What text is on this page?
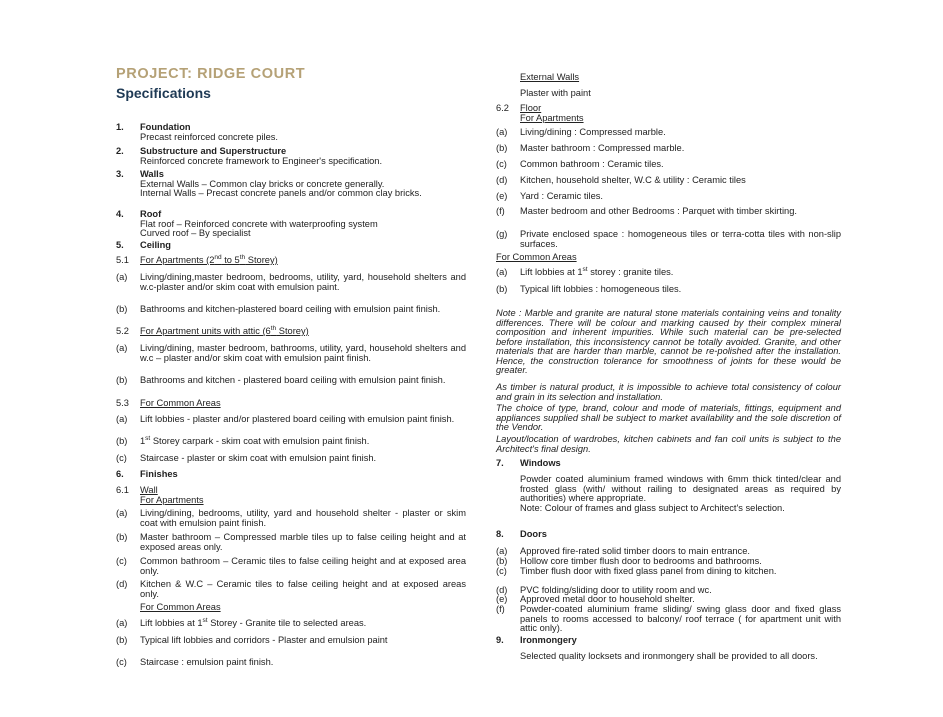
PROJECT: RIDGE COURT
Specifications
1. Foundation
Precast reinforced concrete piles.
2. Substructure and Superstructure
Reinforced concrete framework to Engineer's specification.
3. Walls
External Walls – Common clay bricks or concrete generally.
Internal Walls – Precast concrete panels and/or common clay bricks.
4. Roof
Flat roof – Reinforced concrete with waterproofing system
Curved roof – By specialist
5. Ceiling
5.1 For Apartments (2nd to 5th Storey)
(a) Living/dining,master bedroom, bedrooms, utility, yard, household shelters and w.c-plaster and/or skim coat with emulsion paint.
(b) Bathrooms and kitchen-plastered board ceiling with emulsion paint finish.
5.2 For Apartment units with attic (6th Storey)
(a) Living/dining, master bedroom, bathrooms, utility, yard, household shelters and w.c – plaster and/or skim coat with emulsion paint finish.
(b) Bathrooms and kitchen - plastered board ceiling with emulsion paint finish.
5.3 For Common Areas
(a) Lift lobbies - plaster and/or plastered board ceiling with emulsion paint finish.
(b) 1st Storey carpark - skim coat with emulsion paint finish.
(c) Staircase - plaster or skim coat with emulsion paint finish.
6. Finishes
6.1 Wall
For Apartments
(a) Living/dining, bedrooms, utility, yard and household shelter - plaster or skim coat with emulsion paint finish.
(b) Master bathroom – Compressed marble tiles up to false ceiling height and at exposed areas only.
(c) Common bathroom – Ceramic tiles to false ceiling height and at exposed area only.
(d) Kitchen & W.C – Ceramic tiles to false ceiling height and at exposed areas only.
For Common Areas
(a) Lift lobbies at 1st Storey - Granite tile to selected areas.
(b) Typical lift lobbies and corridors - Plaster and emulsion paint
(c) Staircase : emulsion paint finish.
External Walls
Plaster with paint
6.2 Floor
For Apartments
(a) Living/dining : Compressed marble.
(b) Master bathroom : Compressed marble.
(c) Common bathroom : Ceramic tiles.
(d) Kitchen, household shelter, W.C & utility : Ceramic tiles
(e) Yard : Ceramic tiles.
(f) Master bedroom and other Bedrooms : Parquet with timber skirting.
(g) Private enclosed space : homogeneous tiles or terra-cotta tiles with non-slip surfaces.
For Common Areas
(a) Lift lobbies at 1st storey : granite tiles.
(b) Typical lift lobbies : homogeneous tiles.
Note : Marble and granite are natural stone materials containing veins and tonality differences. There will be colour and marking caused by their complex mineral composition and inherent impurities. While such material can be pre-selected before installation, this inconsistency cannot be totally avoided. Granite, and other materials that are harder than marble, cannot be re-polished after the installation. Hence, the construction tolerance for smoothness of joints for these would be greater.
As timber is natural product, it is impossible to achieve total consistency of colour and grain in its selection and installation.
The choice of type, brand, colour and mode of materials, fittings, equipment and appliances supplied shall be subject to market availability and the sole discretion of the Vendor.
Layout/location of wardrobes, kitchen cabinets and fan coil units is subject to the Architect's final design.
7. Windows
Powder coated aluminium framed windows with 6mm thick tinted/clear and frosted glass (with/ without railing to designated areas as required by authorities) where appropriate.
Note: Colour of frames and glass subject to Architect's selection.
8. Doors
(a) Approved fire-rated solid timber doors to main entrance.
(b) Hollow core timber flush door to bedrooms and bathrooms.
(c) Timber flush door with fixed glass panel from dining to kitchen.
(d) PVC folding/sliding door to utility room and wc.
(e) Approved metal door to household shelter.
(f) Powder-coated aluminium frame sliding/ swing glass door and fixed glass panels to rooms accessed to balcony/ roof terrace ( for apartment unit with attic only).
9. Ironmongery
Selected quality locksets and ironmongery shall be provided to all doors.
